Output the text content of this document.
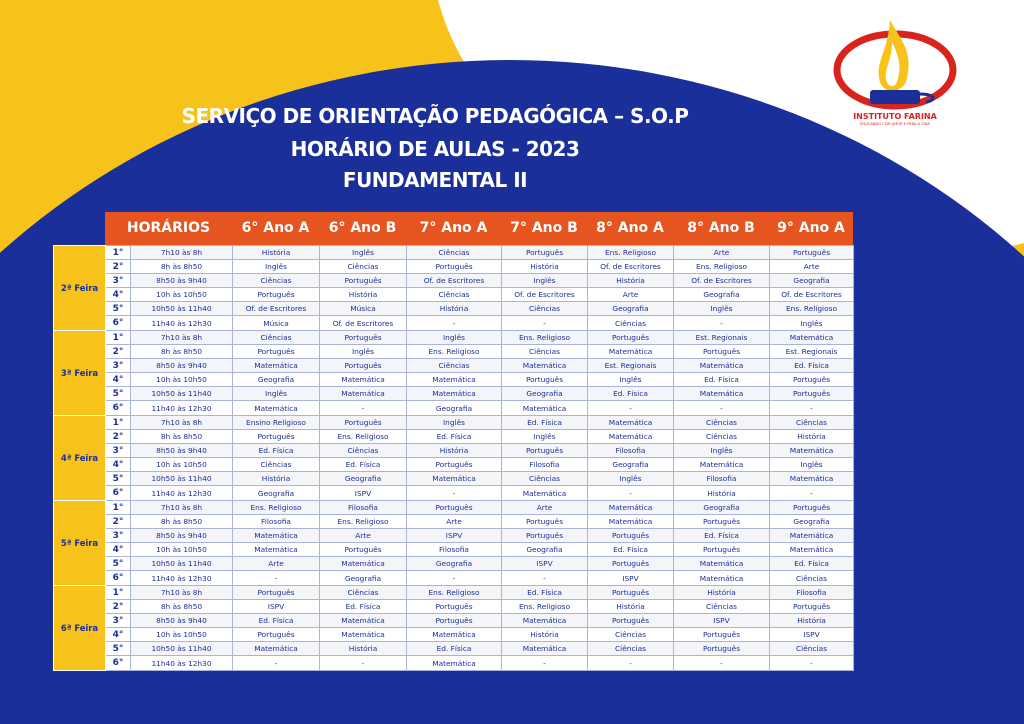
INSTITUTO FARINA
EDUCANDO COM AMOR E PARA A VIDA
SERVIÇO DE ORIENTAÇÃO PEDAGÓGICA – S.O.P
HORÁRIO DE AULAS - 2023
FUNDAMENTAL II
HORÁRIOS	6° Ano A	6° Ano B	7° Ano A	7° Ano B	8° Ano A	8° Ano B	9° Ano A
2ª Feira	1°	7h10 às 8h	História	Inglês	Ciências	Português	Ens. Religioso	Arte	Português
	2°	8h às 8h50	Inglês	Ciências	Português	História	Of. de Escritores	Ens. Religioso	Arte
	3°	8h50 às 9h40	Ciências	Português	Of. de Escritores	Inglês	História	Of. de Escritores	Geografia
	4°	10h às 10h50	Português	História	Ciências	Of. de Escritores	Arte	Geografia	Of. de Escritores
	5°	10h50 às 11h40	Of. de Escritores	Música	História	Ciências	Geografia	Inglês	Ens. Religioso
	6°	11h40 às 12h30	Música	Of. de Escritores	-	-	Ciências	-	Inglês
3ª Feira	1°	7h10 às 8h	Ciências	Português	Inglês	Ens. Religioso	Português	Est. Regionais	Matemática
	2°	8h às 8h50	Português	Inglês	Ens. Religioso	Ciências	Matemática	Português	Est. Regionais
	3°	8h50 às 9h40	Matemática	Português	Ciências	Matemática	Est. Regionais	Matemática	Ed. Física
	4°	10h às 10h50	Geografia	Matemática	Matemática	Português	Inglês	Ed. Física	Português
	5°	10h50 às 11h40	Inglês	Matemática	Matemática	Geografia	Ed. Física	Matemática	Português
	6°	11h40 às 12h30	Matemática	-	Geografia	Matemática	-	-	-
4ª Feira	1°	7h10 às 8h	Ensino Religioso	Português	Inglês	Ed. Física	Matemática	Ciências	Ciências
	2°	8h às 8h50	Português	Ens. Religioso	Ed. Física	Inglês	Matemática	Ciências	História
	3°	8h50 às 9h40	Ed. Física	Ciências	História	Português	Filosofia	Inglês	Matemática
	4°	10h às 10h50	Ciências	Ed. Física	Português	Filosofia	Geografia	Matemática	Inglês
	5°	10h50 às 11h40	História	Geografia	Matemática	Ciências	Inglês	Filosofia	Matemática
	6°	11h40 às 12h30	Geografia	ISPV	-	Matemática	-	História	-
5ª Feira	1°	7h10 às 8h	Ens. Religioso	Filosofia	Português	Arte	Matemática	Geografia	Português
	2°	8h às 8h50	Filosofia	Ens. Religioso	Arte	Português	Matemática	Português	Geografia
	3°	8h50 às 9h40	Matemática	Arte	ISPV	Português	Português	Ed. Física	Matemática
	4°	10h às 10h50	Matemática	Português	Filosofia	Geografia	Ed. Física	Português	Matemática
	5°	10h50 às 11h40	Arte	Matemática	Geografia	ISPV	Português	Matemática	Ed. Física
	6°	11h40 às 12h30	-	Geografia	-	-	ISPV	Matemática	Ciências
6ª Feira	1°	7h10 às 8h	Português	Ciências	Ens. Religioso	Ed. Física	Português	História	Filosofia
	2°	8h às 8h50	ISPV	Ed. Física	Português	Ens. Religioso	História	Ciências	Português
	3°	8h50 às 9h40	Ed. Física	Matemática	Português	Matemática	Português	ISPV	História
	4°	10h às 10h50	Português	Matemática	Matemática	História	Ciências	Português	ISPV
	5°	10h50 às 11h40	Matemática	História	Ed. Física	Matemática	Ciências	Português	Ciências
	6°	11h40 às 12h30	-	-	Matemática	-	-	-	-
